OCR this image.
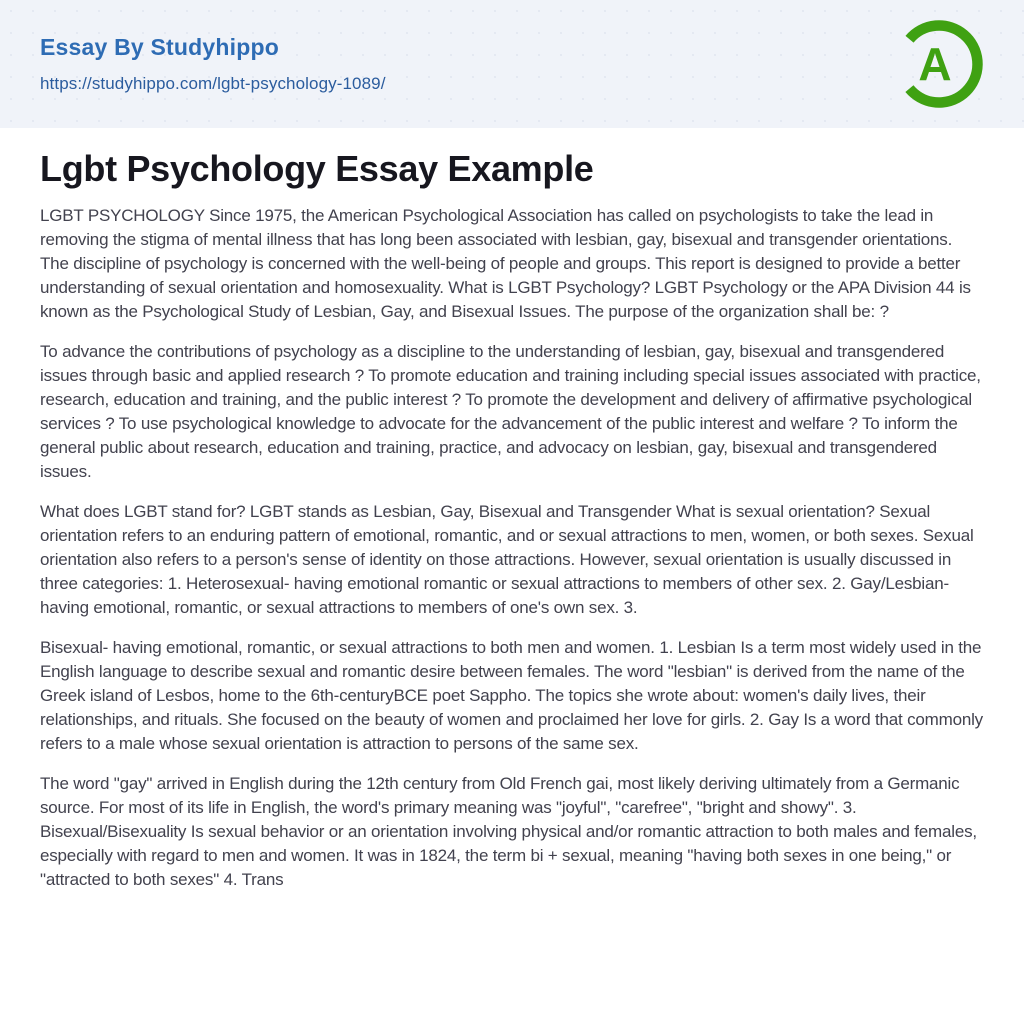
Essay By Studyhippo
https://studyhippo.com/lgbt-psychology-1089/	A
Lgbt Psychology Essay Example

LGBT PSYCHOLOGY Since 1975, the American Psychological Association has called on psychologists to take the lead in removing the stigma of mental illness that has long been associated with lesbian, gay, bisexual and transgender orientations. The discipline of psychology is concerned with the well-being of people and groups. This report is designed to provide a better understanding of sexual orientation and homosexuality. What is LGBT Psychology? LGBT Psychology or the APA Division 44 is known as the Psychological Study of Lesbian, Gay, and Bisexual Issues. The purpose of the organization shall be: ?

To advance the contributions of psychology as a discipline to the understanding of lesbian, gay, bisexual and transgendered issues through basic and applied research ? To promote education and training including special issues associated with practice, research, education and training, and the public interest ? To promote the development and delivery of affirmative psychological services ? To use psychological knowledge to advocate for the advancement of the public interest and welfare ? To inform the general public about research, education and training, practice, and advocacy on lesbian, gay, bisexual and transgendered issues.

What does LGBT stand for? LGBT stands as Lesbian, Gay, Bisexual and Transgender What is sexual orientation? Sexual orientation refers to an enduring pattern of emotional, romantic, and or sexual attractions to men, women, or both sexes. Sexual orientation also refers to a person's sense of identity on those attractions. However, sexual orientation is usually discussed in three categories: 1. Heterosexual- having emotional romantic or sexual attractions to members of other sex. 2. Gay/Lesbian- having emotional, romantic, or sexual attractions to members of one's own sex. 3.

Bisexual- having emotional, romantic, or sexual attractions to both men and women. 1. Lesbian Is a term most widely used in the English language to describe sexual and romantic desire between females. The word "lesbian" is derived from the name of the Greek island of Lesbos, home to the 6th-centuryBCE poet Sappho. The topics she wrote about: women's daily lives, their relationships, and rituals. She focused on the beauty of women and proclaimed her love for girls. 2. Gay Is a word that commonly refers to a male whose sexual orientation is attraction to persons of the same sex.

The word "gay" arrived in English during the 12th century from Old French gai, most likely deriving ultimately from a Germanic source. For most of its life in English, the word's primary meaning was "joyful", "carefree", "bright and showy". 3. Bisexual/Bisexuality Is sexual behavior or an orientation involving physical and/or romantic attraction to both males and females, especially with regard to men and women. It was in 1824, the term bi + sexual, meaning "having both sexes in one being," or "attracted to both sexes" 4. Trans
